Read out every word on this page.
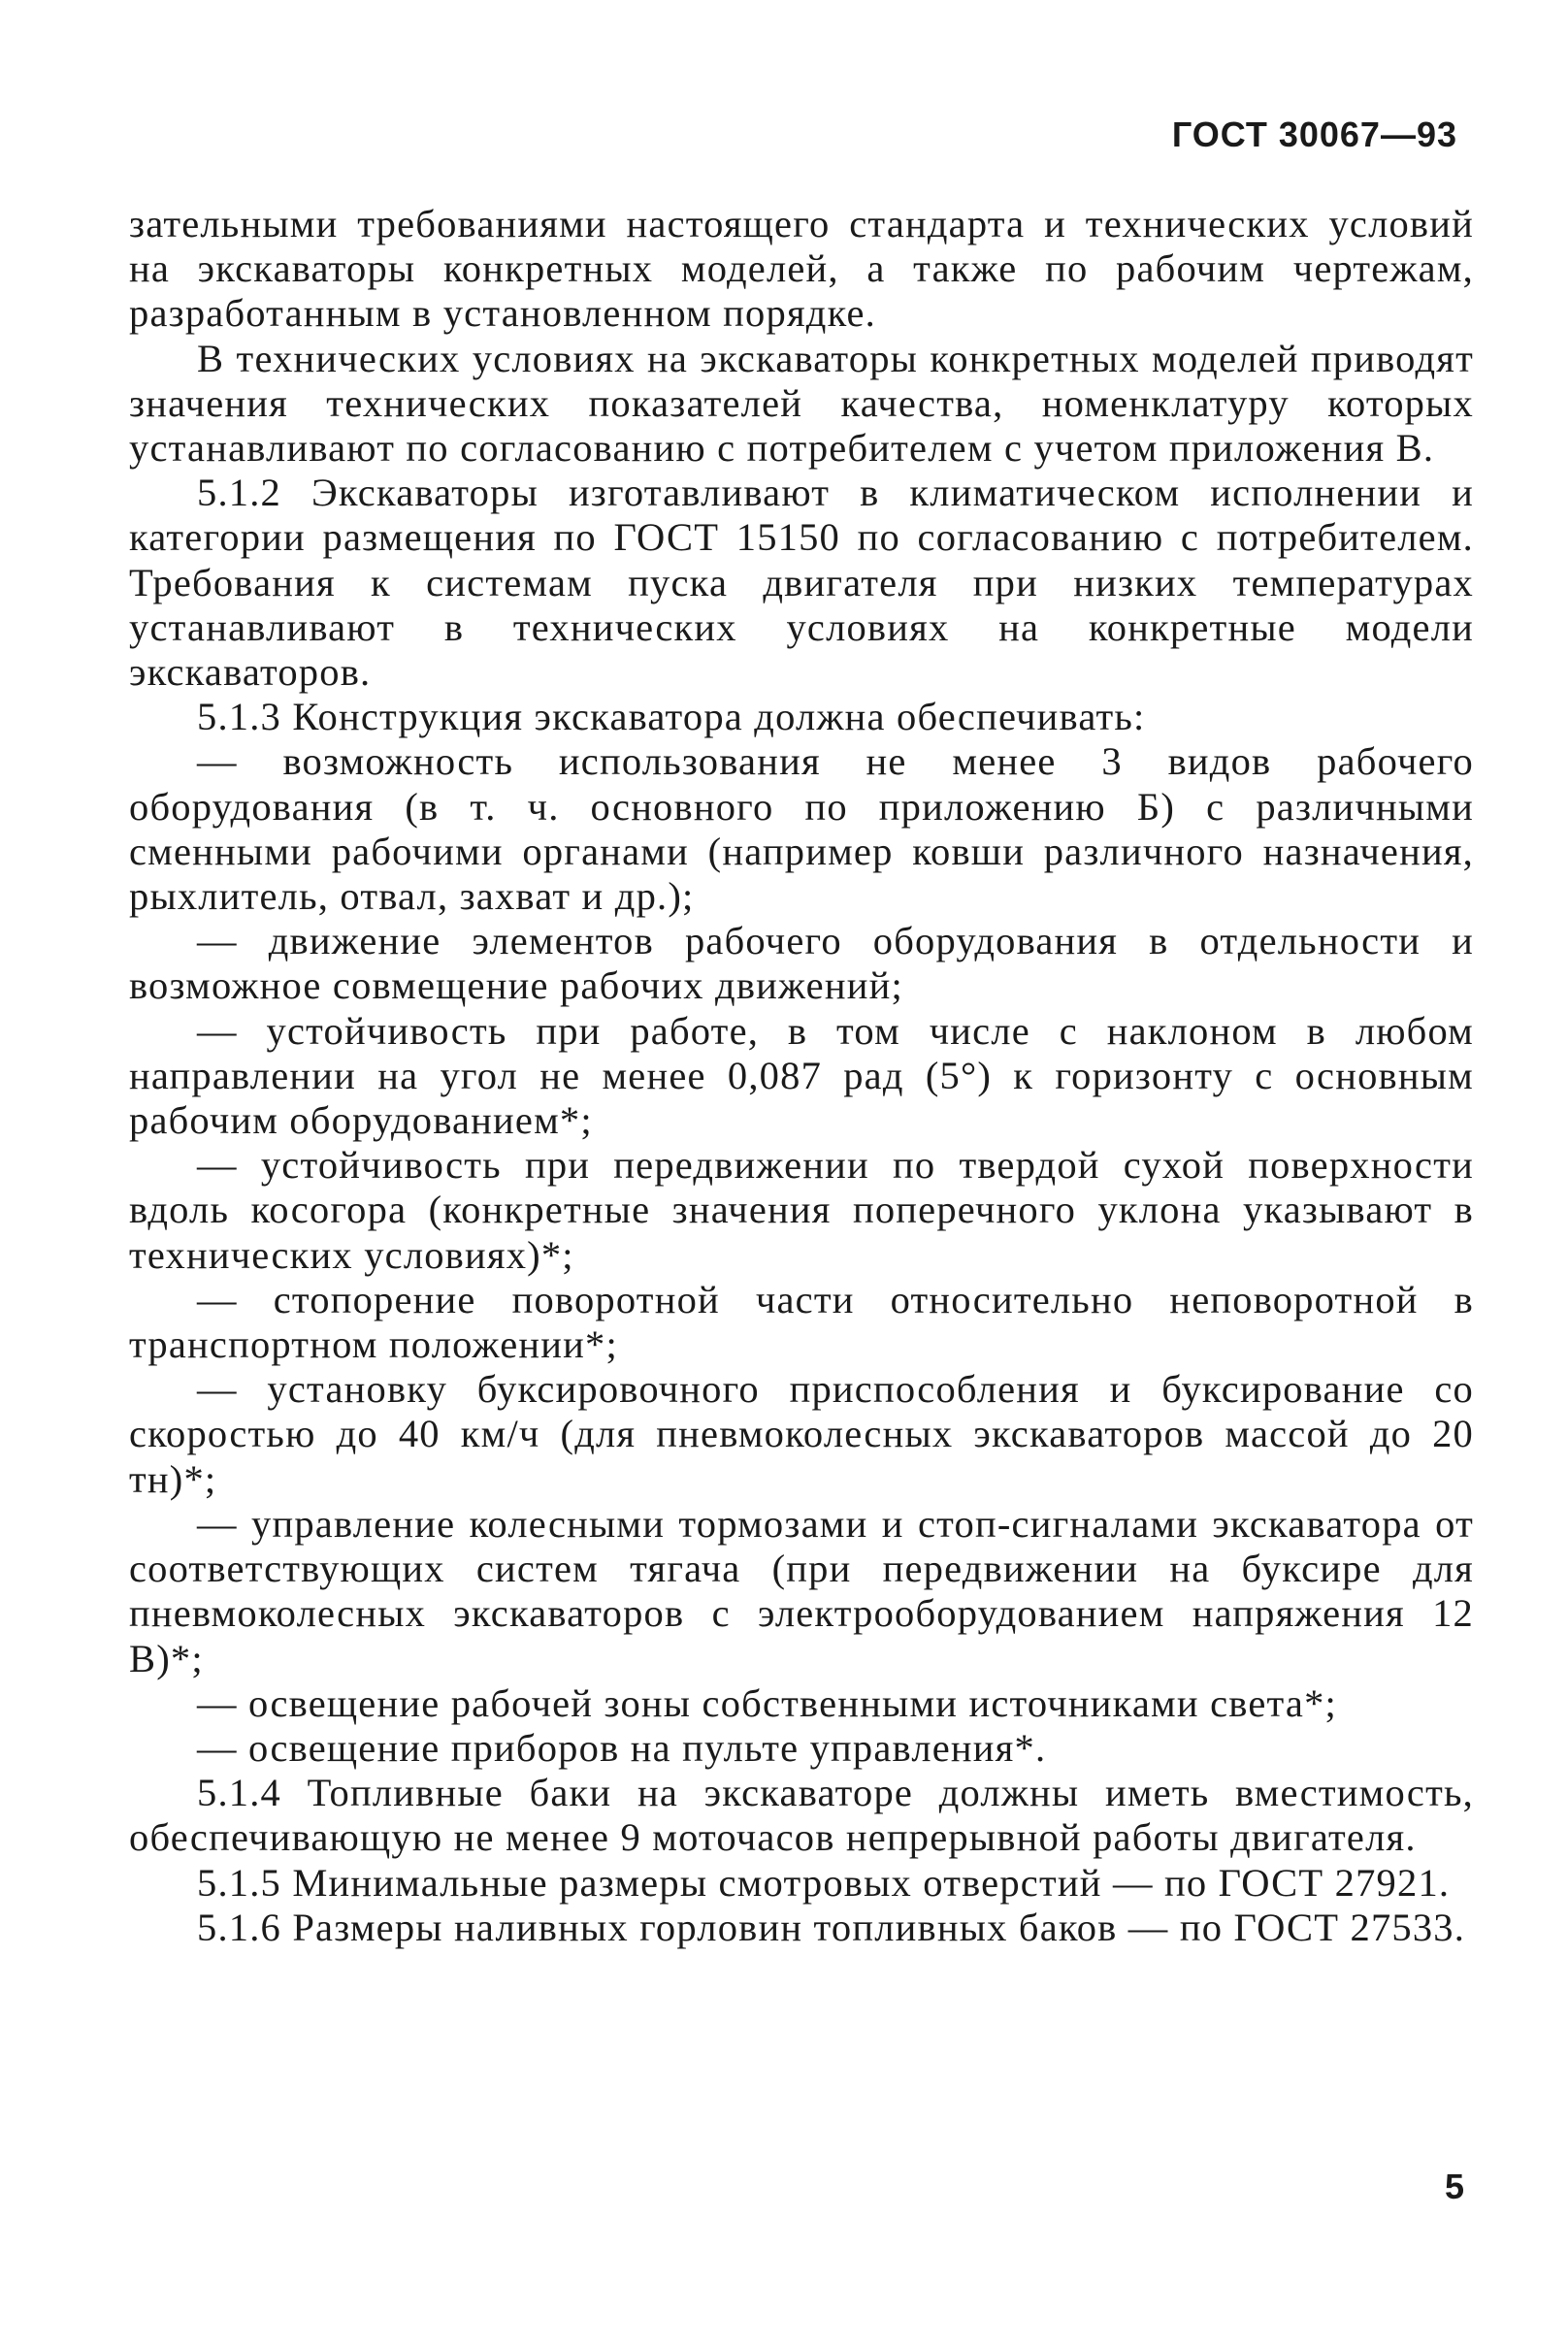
ГОСТ 30067—93

зательными требованиями настоящего стандарта и технических условий на экскаваторы конкретных моделей, а также по рабочим чертежам, разработанным в установленном порядке.

В технических условиях на экскаваторы конкретных моделей приводят значения технических показателей качества, номенклатуру которых устанавливают по согласованию с потребителем с учетом приложения В.

5.1.2 Экскаваторы изготавливают в климатическом исполнении и категории размещения по ГОСТ 15150 по согласованию с потребителем. Требования к системам пуска двигателя при низких температурах устанавливают в технических условиях на конкретные модели экскаваторов.

5.1.3 Конструкция экскаватора должна обеспечивать:

— возможность использования не менее 3 видов рабочего оборудования (в т. ч. основного по приложению Б) с различными сменными рабочими органами (например ковши различного назначения, рыхлитель, отвал, захват и др.);

— движение элементов рабочего оборудования в отдельности и возможное совмещение рабочих движений;

— устойчивость при работе, в том числе с наклоном в любом направлении на угол не менее 0,087 рад (5°) к горизонту с основным рабочим оборудованием*;

— устойчивость при передвижении по твердой сухой поверхности вдоль косогора (конкретные значения поперечного уклона указывают в технических условиях)*;

— стопорение поворотной части относительно неповоротной в транспортном положении*;

— установку буксировочного приспособления и буксирование со скоростью до 40 км/ч (для пневмоколесных экскаваторов массой до 20 тн)*;

— управление колесными тормозами и стоп-сигналами экскаватора от соответствующих систем тягача (при передвижении на буксире для пневмоколесных экскаваторов с электрооборудованием напряжения 12 В)*;

— освещение рабочей зоны собственными источниками света*;

— освещение приборов на пульте управления*.

5.1.4 Топливные баки на экскаваторе должны иметь вместимость, обеспечивающую не менее 9 моточасов непрерывной работы двигателя.

5.1.5 Минимальные размеры смотровых отверстий — по ГОСТ 27921.

5.1.6 Размеры наливных горловин топливных баков — по ГОСТ 27533.

5
